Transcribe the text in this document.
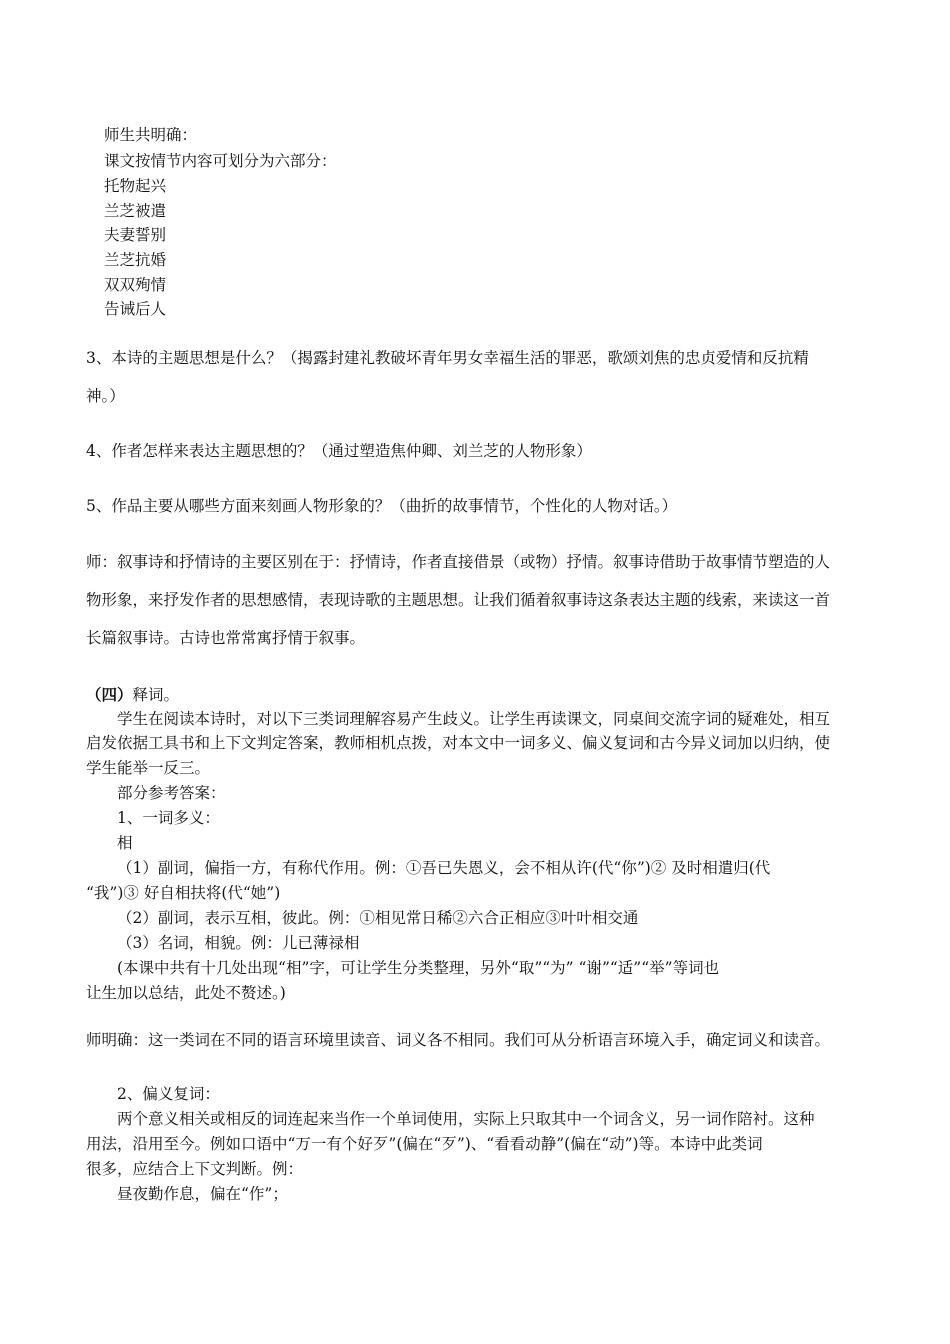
师生共明确：
课文按情节内容可划分为六部分：
托物起兴
兰芝被遣
夫妻誓别
兰芝抗婚
双双殉情
告诫后人
3、本诗的主题思想是什么？（揭露封建礼教破坏青年男女幸福生活的罪恶，歌颂刘焦的忠贞爱情和反抗精
神。）
4、作者怎样来表达主题思想的？（通过塑造焦仲卿、刘兰芝的人物形象）
5、作品主要从哪些方面来刻画人物形象的？（曲折的故事情节，个性化的人物对话。）
师：叙事诗和抒情诗的主要区别在于：抒情诗，作者直接借景（或物）抒情。叙事诗借助于故事情节塑造的人
物形象，来抒发作者的思想感情，表现诗歌的主题思想。让我们循着叙事诗这条表达主题的线索，来读这一首
长篇叙事诗。古诗也常常寓抒情于叙事。
（四）释词。
学生在阅读本诗时，对以下三类词理解容易产生歧义。让学生再读课文，同桌间交流字词的疑难处，相互
启发依据工具书和上下文判定答案，教师相机点拨，对本文中一词多义、偏义复词和古今异义词加以归纳，使
学生能举一反三。
部分参考答案：
1、一词多义：
相
（1）副词，偏指一方，有称代作用。例：①吾已失恩义，会不相从许(代“你”)② 及时相遣归(代
“我”)③ 好自相扶将(代“她”)
（2）副词，表示互相，彼此。例：①相见常日稀②六合正相应③叶叶相交通
（3）名词，相貌。例：儿已薄禄相
(本课中共有十几处出现“相”字，可让学生分类整理，另外“取”“为” “谢”“适”“举”等词也
让生加以总结，此处不赘述。)
师明确：这一类词在不同的语言环境里读音、词义各不相同。我们可从分析语言环境入手，确定词义和读音。
2、偏义复词：
两个意义相关或相反的词连起来当作一个单词使用，实际上只取其中一个词含义，另一词作陪衬。这种
用法，沿用至今。例如口语中“万一有个好歹”(偏在“歹”)、“看看动静”(偏在“动”)等。本诗中此类词
很多，应结合上下文判断。例：
昼夜勤作息，偏在“作”；
